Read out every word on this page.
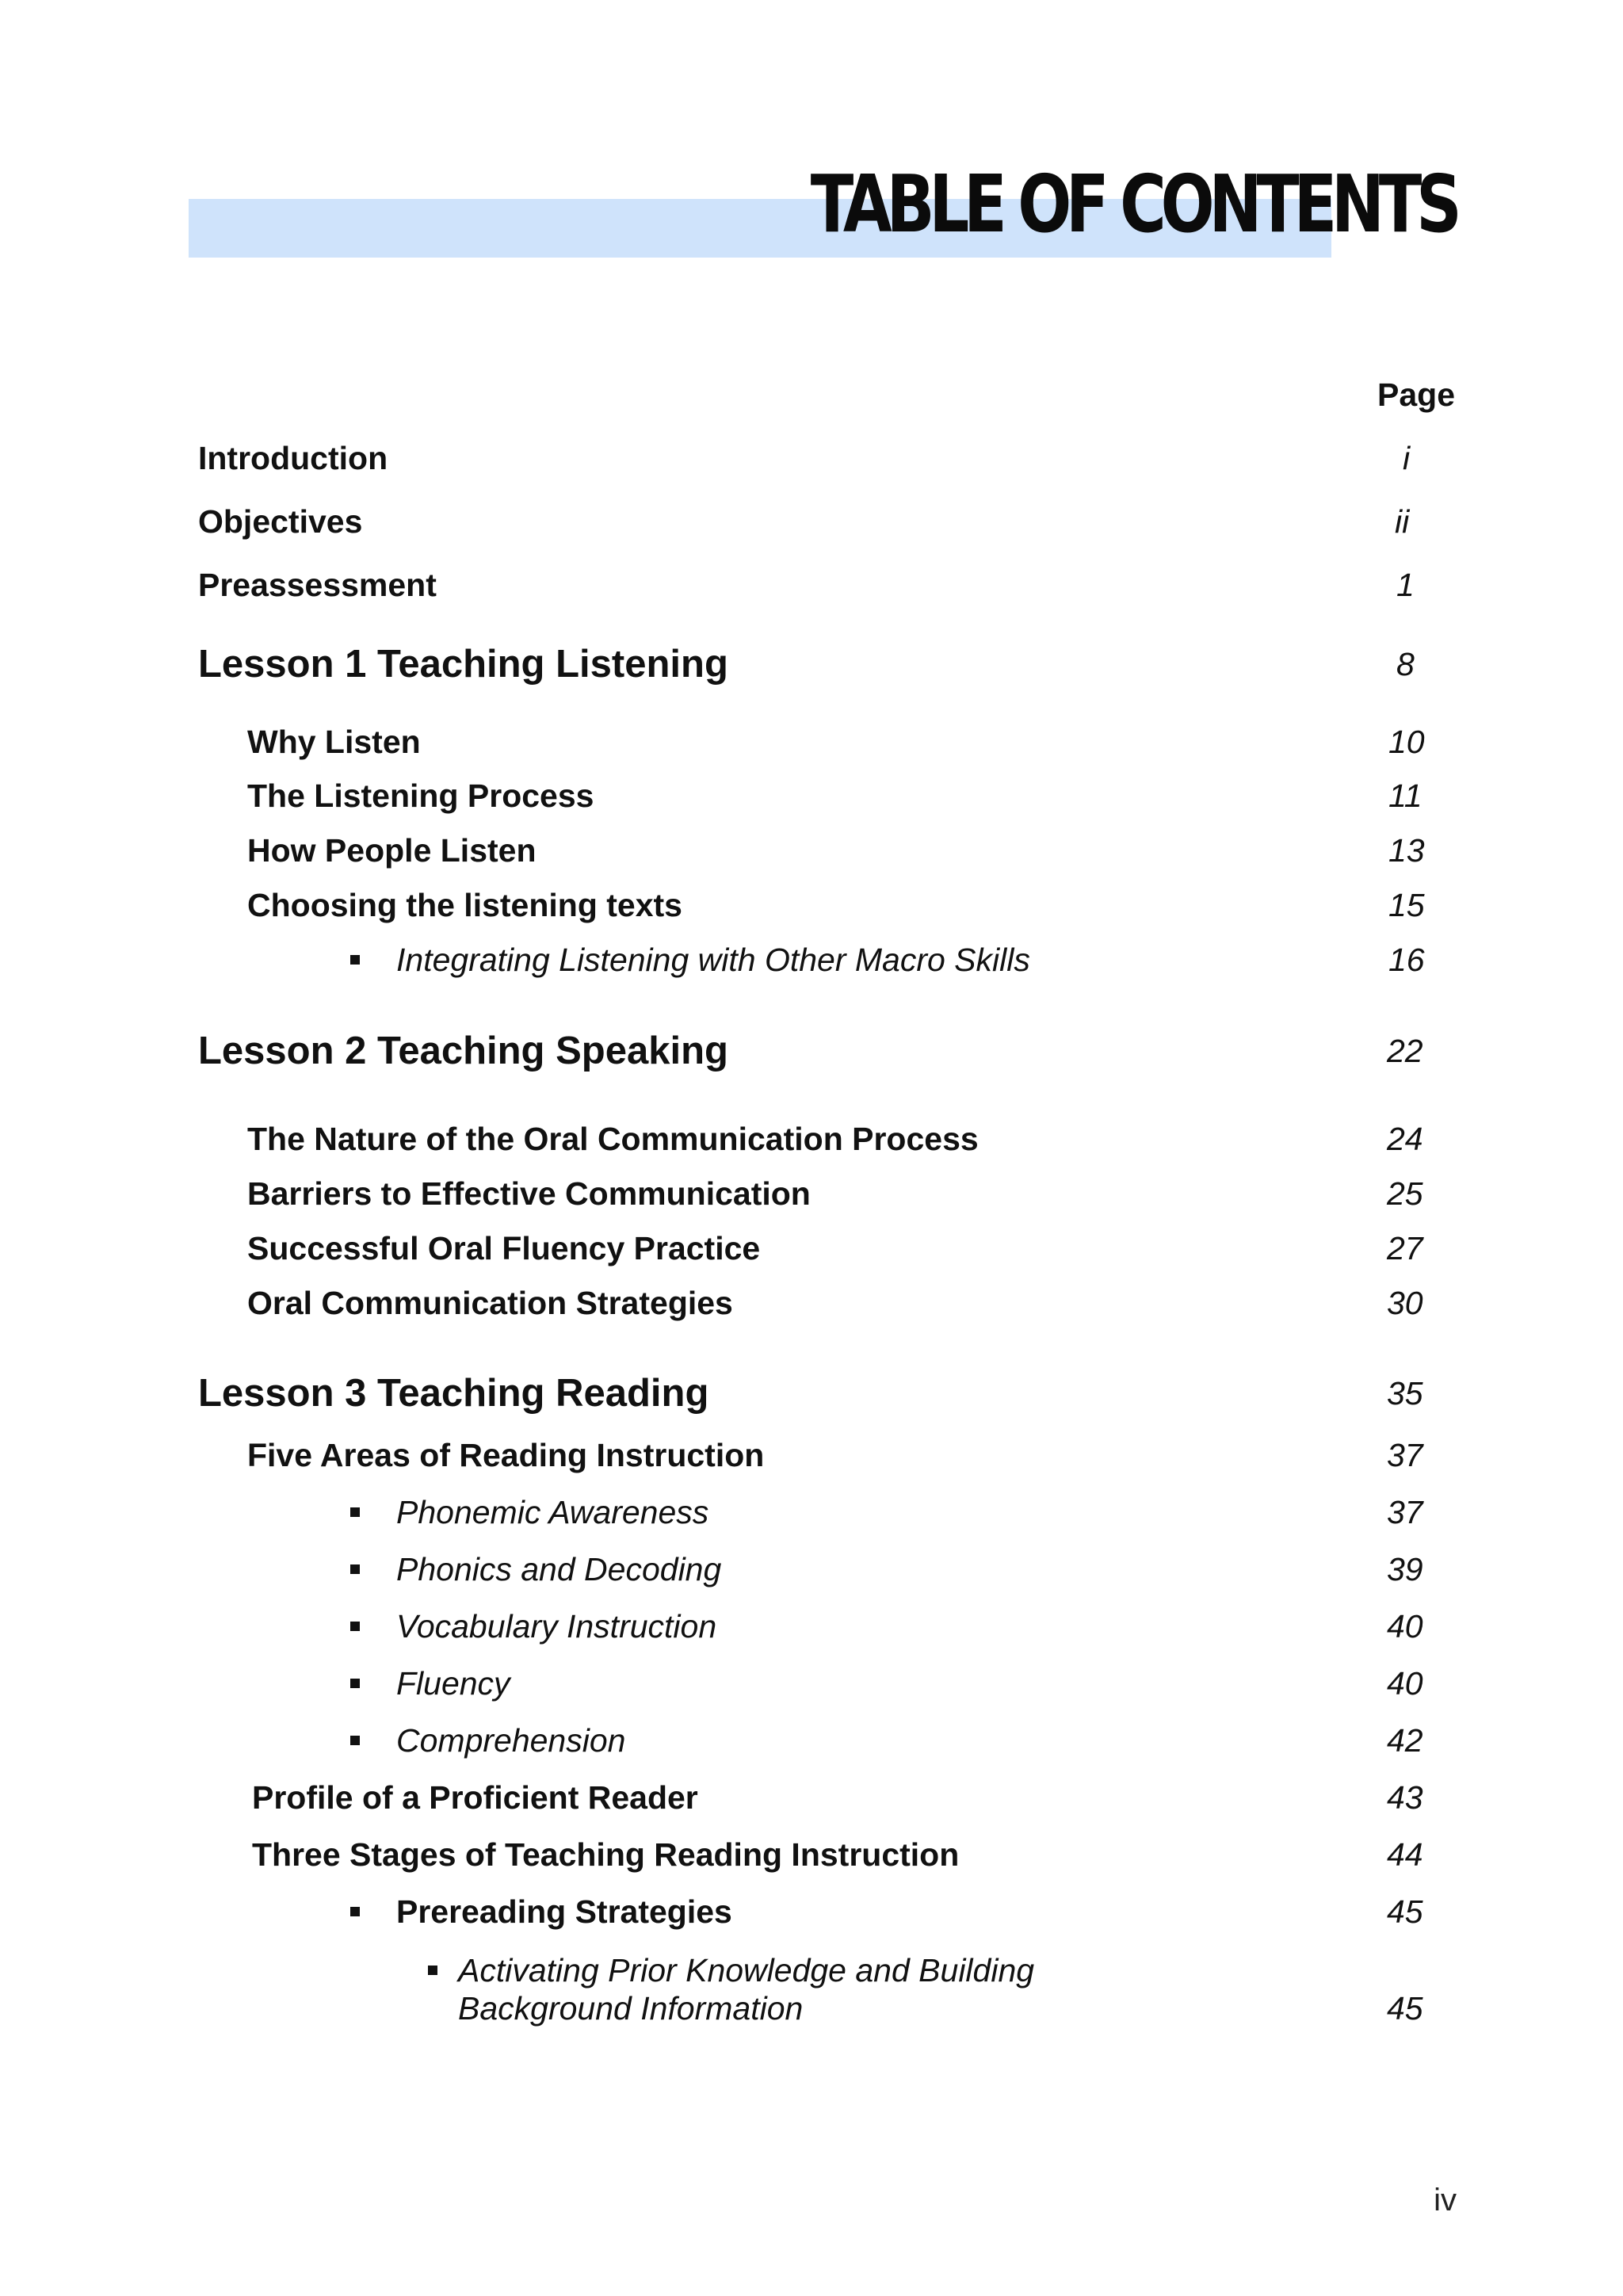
TABLE OF CONTENTS
Page
Introduction	i
Objectives	ii
Preassessment	1
Lesson 1 Teaching Listening	8
Why Listen	10
The Listening Process	11
How People Listen	13
Choosing the listening texts	15
Integrating Listening with Other Macro Skills	16
Lesson 2 Teaching Speaking	22
The Nature of the Oral Communication Process	24
Barriers to Effective Communication	25
Successful Oral Fluency Practice	27
Oral Communication Strategies	30
Lesson 3 Teaching Reading	35
Five Areas of Reading Instruction	37
Phonemic Awareness	37
Phonics and Decoding	39
Vocabulary Instruction	40
Fluency	40
Comprehension	42
Profile of a Proficient Reader	43
Three Stages of Teaching Reading Instruction	44
Prereading Strategies	45
Activating Prior Knowledge and Building
Background Information	45
iv
